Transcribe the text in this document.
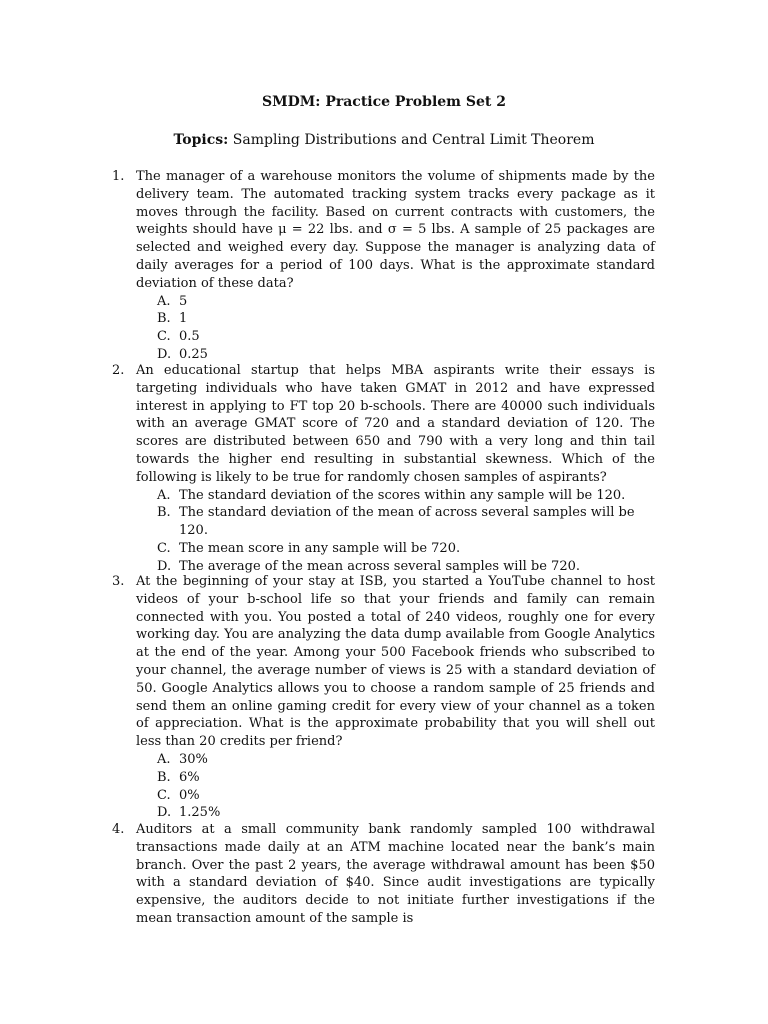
SMDM: Practice Problem Set 2
Topics: Sampling Distributions and Central Limit Theorem
1. The manager of a warehouse monitors the volume of shipments made by the delivery team. The automated tracking system tracks every package as it moves through the facility. Based on current contracts with customers, the weights should have μ = 22 lbs. and σ = 5 lbs. A sample of 25 packages are selected and weighed every day. Suppose the manager is analyzing data of daily averages for a period of 100 days. What is the approximate standard deviation of these data?
A. 5
B. 1
C. 0.5
D. 0.25
2. An educational startup that helps MBA aspirants write their essays is targeting individuals who have taken GMAT in 2012 and have expressed interest in applying to FT top 20 b-schools. There are 40000 such individuals with an average GMAT score of 720 and a standard deviation of 120. The scores are distributed between 650 and 790 with a very long and thin tail towards the higher end resulting in substantial skewness. Which of the following is likely to be true for randomly chosen samples of aspirants?
A. The standard deviation of the scores within any sample will be 120.
B. The standard deviation of the mean of across several samples will be 120.
C. The mean score in any sample will be 720.
D. The average of the mean across several samples will be 720.
3. At the beginning of your stay at ISB, you started a YouTube channel to host videos of your b-school life so that your friends and family can remain connected with you. You posted a total of 240 videos, roughly one for every working day. You are analyzing the data dump available from Google Analytics at the end of the year. Among your 500 Facebook friends who subscribed to your channel, the average number of views is 25 with a standard deviation of 50. Google Analytics allows you to choose a random sample of 25 friends and send them an online gaming credit for every view of your channel as a token of appreciation. What is the approximate probability that you will shell out less than 20 credits per friend?
A. 30%
B. 6%
C. 0%
D. 1.25%
4. Auditors at a small community bank randomly sampled 100 withdrawal transactions made daily at an ATM machine located near the bank’s main branch. Over the past 2 years, the average withdrawal amount has been $50 with a standard deviation of $40. Since audit investigations are typically expensive, the auditors decide to not initiate further investigations if the mean transaction amount of the sample is
